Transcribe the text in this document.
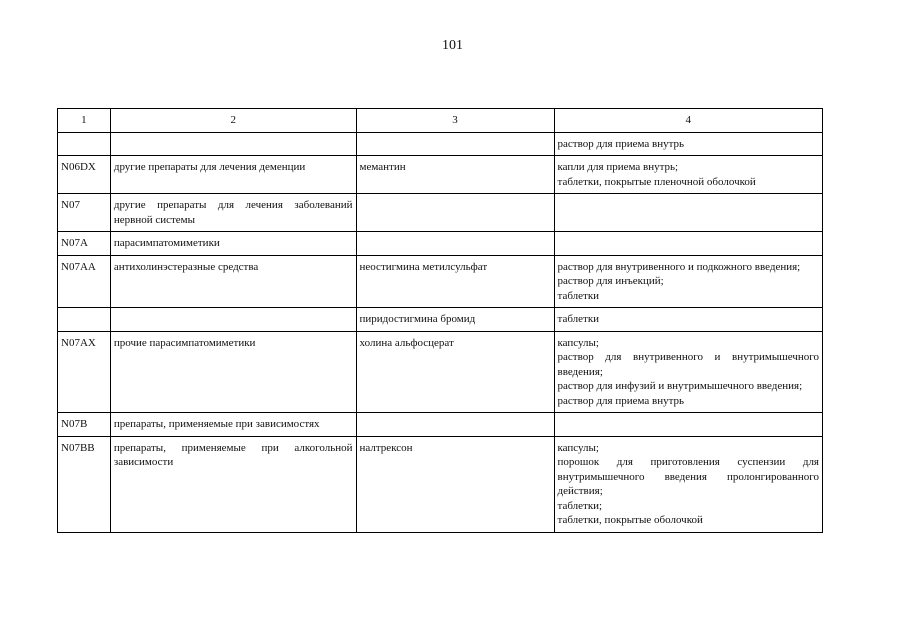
101
1	2	3	4
			раствор для приема внутрь
N06DX	другие препараты для лечения деменции	мемантин	капли для приема внутрь;
таблетки, покрытые пленочной оболочкой
N07	другие препараты для лечения заболеваний нервной системы		
N07A	парасимпатомиметики		
N07AA	антихолинэстеразные средства	неостигмина метилсульфат	раствор для внутривенного и подкожного введения;
раствор для инъекций;
таблетки
		пиридостигмина бромид	таблетки
N07AX	прочие парасимпатомиметики	холина альфосцерат	капсулы;
раствор для внутривенного и внутримышечного введения;
раствор для инфузий и внутримышечного введения;
раствор для приема внутрь
N07B	препараты, применяемые при зависимостях		
N07BB	препараты, применяемые при алкогольной зависимости	налтрексон	капсулы;
порошок для приготовления суспензии для внутримышечного введения пролонгированного действия;
таблетки;
таблетки, покрытые оболочкой
